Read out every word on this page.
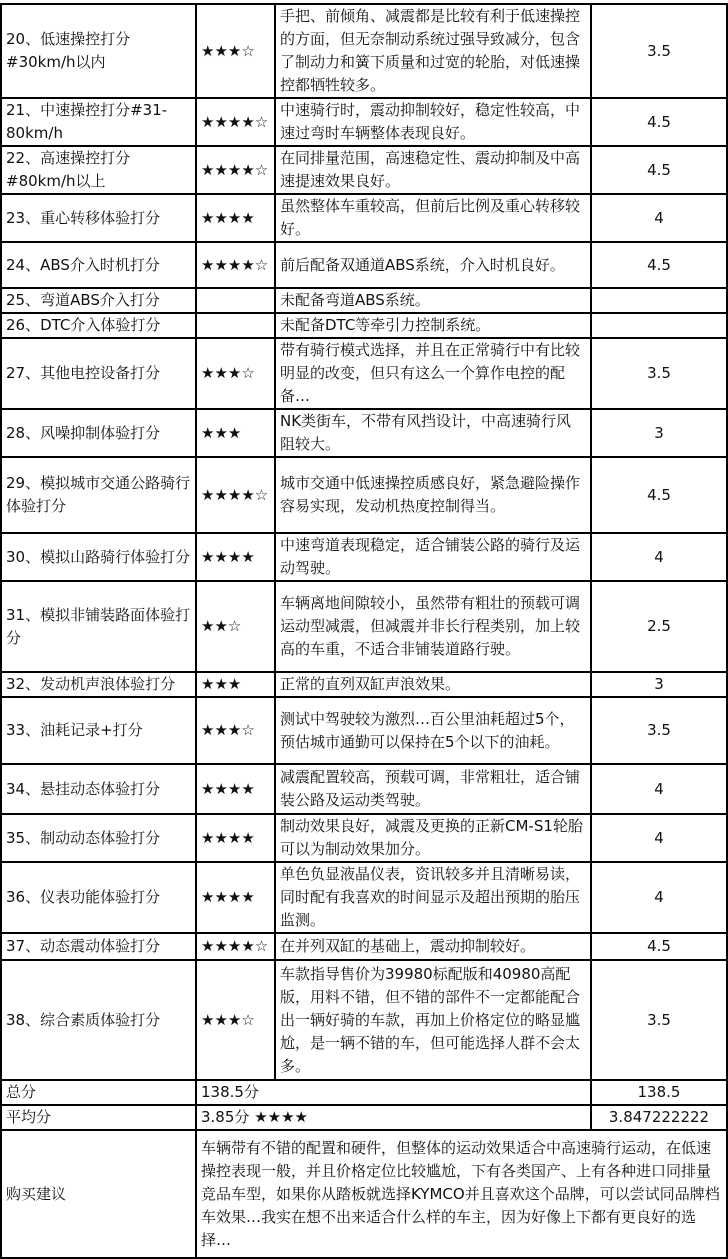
20、低速操控打分#30km/h以内	★★★☆	手把、前倾角、减震都是比较有利于低速操控的方面，但无奈制动系统过强导致减分，包含了制动力和簧下质量和过宽的轮胎，对低速操控都牺牲较多。	3.5
21、中速操控打分#31-80km/h	★★★★☆	中速骑行时，震动抑制较好，稳定性较高，中速过弯时车辆整体表现良好。	4.5
22、高速操控打分#80km/h以上	★★★★☆	在同排量范围，高速稳定性、震动抑制及中高速提速效果良好。	4.5
23、重心转移体验打分	★★★★	虽然整体车重较高，但前后比例及重心转移较好。	4
24、ABS介入时机打分	★★★★☆	前后配备双通道ABS系统，介入时机良好。	4.5
25、弯道ABS介入打分		未配备弯道ABS系统。	
26、DTC介入体验打分		未配备DTC等牵引力控制系统。	
27、其他电控设备打分	★★★☆	带有骑行模式选择，并且在正常骑行中有比较明显的改变，但只有这么一个算作电控的配备…	3.5
28、风噪抑制体验打分	★★★	NK类街车，不带有风挡设计，中高速骑行风阻较大。	3
29、模拟城市交通公路骑行体验打分	★★★★☆	城市交通中低速操控质感良好，紧急避险操作容易实现，发动机热度控制得当。	4.5
30、模拟山路骑行体验打分	★★★★	中速弯道表现稳定，适合铺装公路的骑行及运动驾驶。	4
31、模拟非铺装路面体验打分	★★☆	车辆离地间隙较小，虽然带有粗壮的预载可调运动型减震，但减震并非长行程类别，加上较高的车重，不适合非铺装道路行驶。	2.5
32、发动机声浪体验打分	★★★	正常的直列双缸声浪效果。	3
33、油耗记录+打分	★★★☆	测试中驾驶较为激烈…百公里油耗超过5个，预估城市通勤可以保持在5个以下的油耗。	3.5
34、悬挂动态体验打分	★★★★	减震配置较高，预载可调，非常粗壮，适合铺装公路及运动类驾驶。	4
35、制动动态体验打分	★★★★	制动效果良好，减震及更换的正新CM-S1轮胎可以为制动效果加分。	4
36、仪表功能体验打分	★★★★	单色负显液晶仪表，资讯较多并且清晰易读，同时配有我喜欢的时间显示及超出预期的胎压监测。	4
37、动态震动体验打分	★★★★☆	在并列双缸的基础上，震动抑制较好。	4.5
38、综合素质体验打分	★★★☆	车款指导售价为39980标配版和40980高配版，用料不错，但不错的部件不一定都能配合出一辆好骑的车款，再加上价格定位的略显尴尬，是一辆不错的车，但可能选择人群不会太多。	3.5
总分	138.5分		138.5
平均分	3.85分 ★★★★		3.847222222
购买建议	车辆带有不错的配置和硬件，但整体的运动效果适合中高速骑行运动，在低速操控表现一般，并且价格定位比较尴尬，下有各类国产、上有各种进口同排量竞品车型，如果你从踏板就选择KYMCO并且喜欢这个品牌，可以尝试同品牌档车效果…我实在想不出来适合什么样的车主，因为好像上下都有更良好的选择…		
